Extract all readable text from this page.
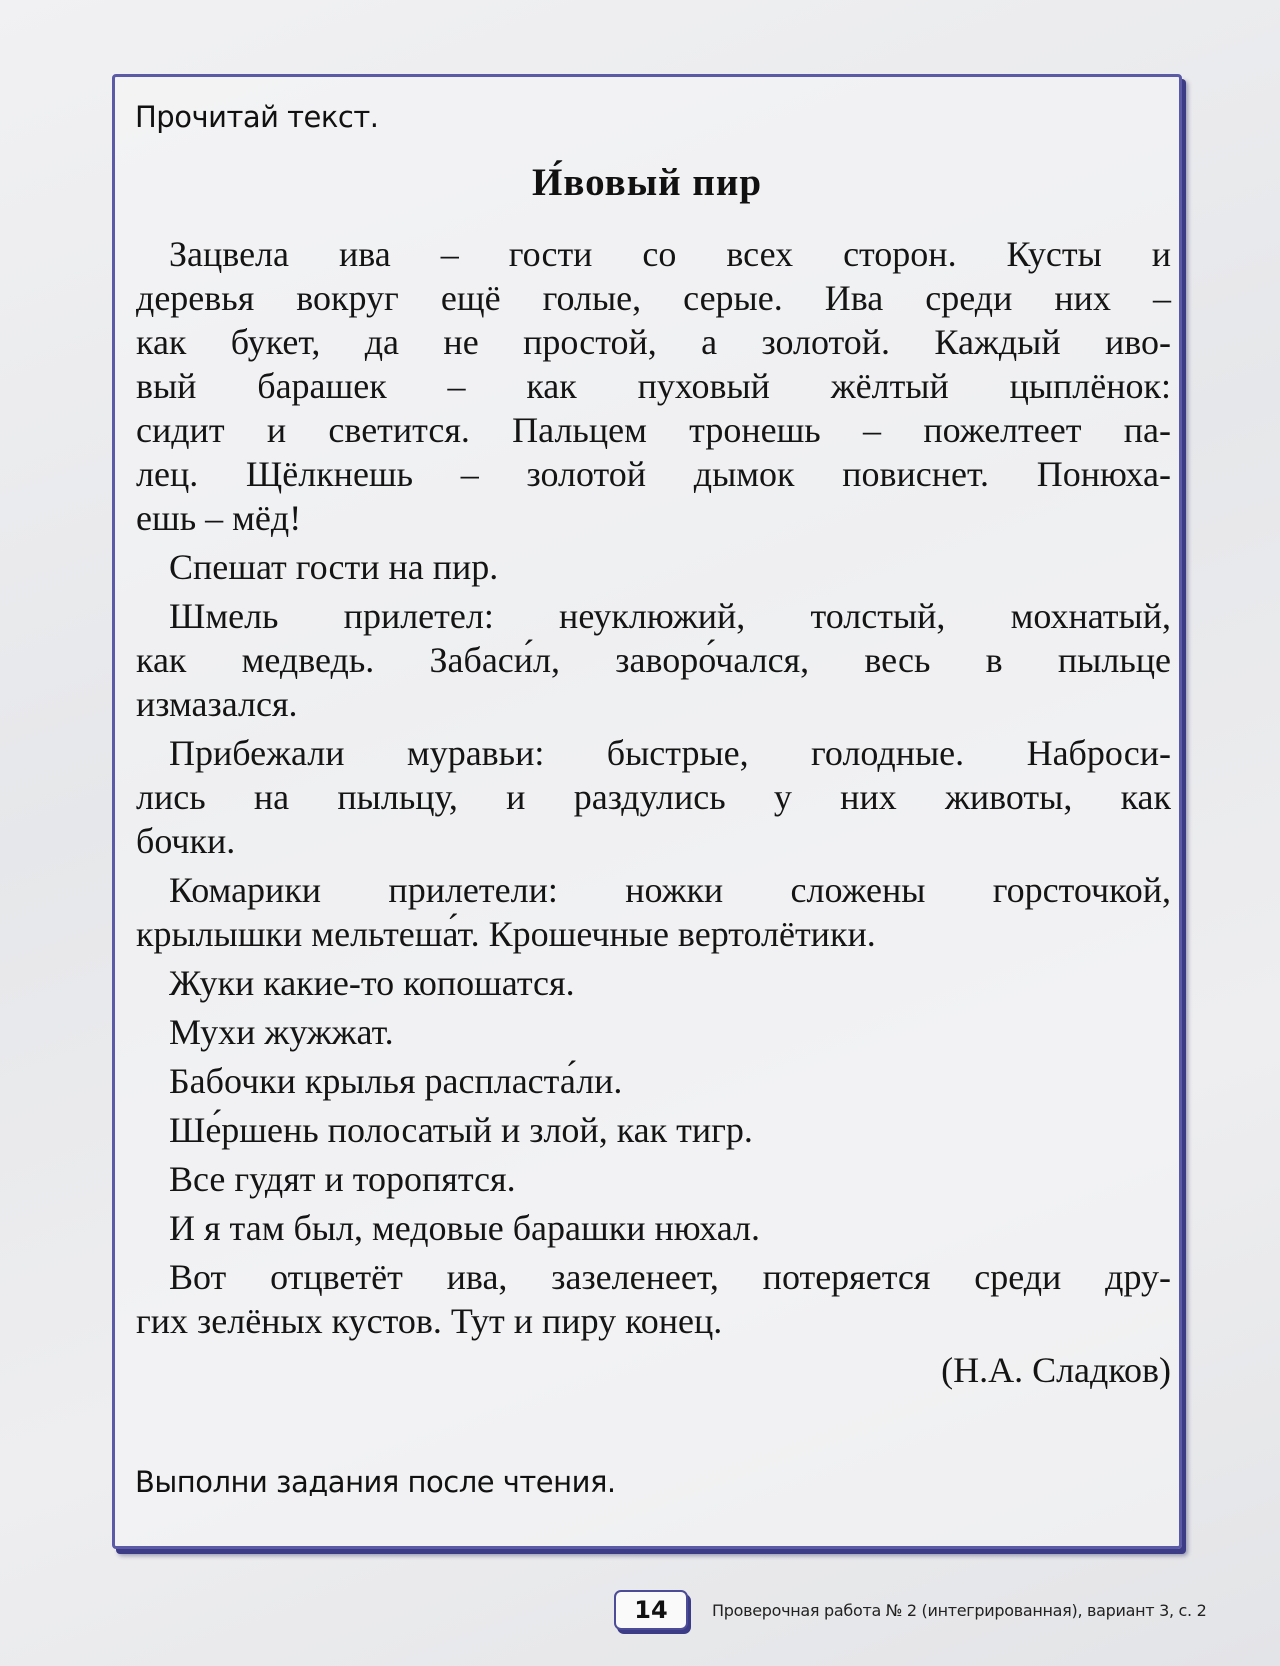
Прочитай текст.
И́вовый пир
Зацвела ива – гости со всех сторон. Кусты и
деревья вокруг ещё голые, серые. Ива среди них –
как букет, да не простой, а золотой. Каждый иво-
вый барашек – как пуховый жёлтый цыплёнок:
сидит и светится. Пальцем тронешь – пожелтеет па-
лец. Щёлкнешь – золотой дымок повиснет. Понюха-
ешь – мёд!
Спешат гости на пир.
Шмель прилетел: неуклюжий, толстый, мохнатый,
как медведь. Забаси́л, заворо́чался, весь в пыльце
измазался.
Прибежали муравьи: быстрые, голодные. Наброси-
лись на пыльцу, и раздулись у них животы, как
бочки.
Комарики прилетели: ножки сложены горсточкой,
крылышки мельтеша́т. Крошечные вертолётики.
Жуки какие-то копошатся.
Мухи жужжат.
Бабочки крылья распласта́ли.
Ше́ршень полосатый и злой, как тигр.
Все гудят и торопятся.
И я там был, медовые барашки нюхал.
Вот отцветёт ива, зазеленеет, потеряется среди дру-
гих зелёных кустов. Тут и пиру конец.
(Н.А. Сладков)
Выполни задания после чтения.
14	Проверочная работа № 2 (интегрированная), вариант 3, с. 2
